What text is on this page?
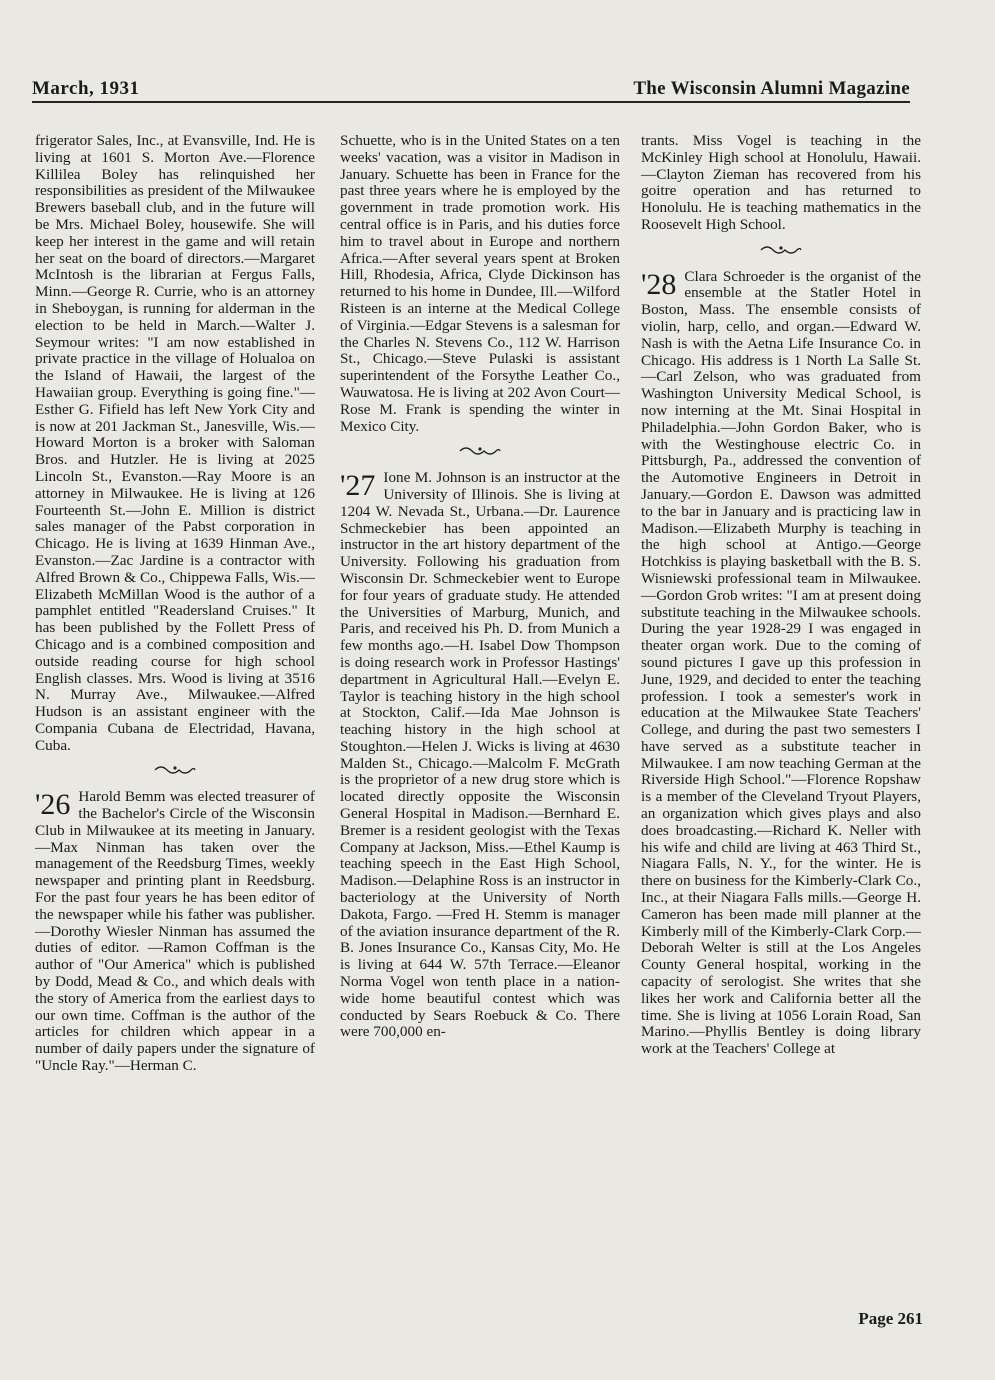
March, 1931	The Wisconsin Alumni Magazine

frigerator Sales, Inc., at Evansville, Ind. He is living at 1601 S. Morton Ave.—Florence Killilea Boley has relinquished her responsibilities as president of the Milwaukee Brewers baseball club, and in the future will be Mrs. Michael Boley, housewife. She will keep her interest in the game and will retain her seat on the board of directors.—Margaret McIntosh is the librarian at Fergus Falls, Minn.—George R. Currie, who is an attorney in Sheboygan, is running for alderman in the election to be held in March.—Walter J. Seymour writes: "I am now established in private practice in the village of Holualoa on the Island of Hawaii, the largest of the Hawaiian group. Everything is going fine."—Esther G. Fifield has left New York City and is now at 201 Jackman St., Janesville, Wis.—Howard Morton is a broker with Saloman Bros. and Hutzler. He is living at 2025 Lincoln St., Evanston.—Ray Moore is an attorney in Milwaukee. He is living at 126 Fourteenth St.—John E. Million is district sales manager of the Pabst corporation in Chicago. He is living at 1639 Hinman Ave., Evanston.—Zac Jardine is a contractor with Alfred Brown & Co., Chippewa Falls, Wis.—Elizabeth McMillan Wood is the author of a pamphlet entitled "Readersland Cruises." It has been published by the Follett Press of Chicago and is a combined composition and outside reading course for high school English classes. Mrs. Wood is living at 3516 N. Murray Ave., Milwaukee.—Alfred Hudson is an assistant engineer with the Compania Cubana de Electridad, Havana, Cuba.

'26 Harold Bemm was elected treasurer of the Bachelor's Circle of the Wisconsin Club in Milwaukee at its meeting in January.—Max Ninman has taken over the management of the Reedsburg Times, weekly newspaper and printing plant in Reedsburg. For the past four years he has been editor of the newspaper while his father was publisher.—Dorothy Wiesler Ninman has assumed the duties of editor. —Ramon Coffman is the author of "Our America" which is published by Dodd, Mead & Co., and which deals with the story of America from the earliest days to our own time. Coffman is the author of the articles for children which appear in a number of daily papers under the signature of "Uncle Ray."—Herman C.

Schuette, who is in the United States on a ten weeks' vacation, was a visitor in Madison in January. Schuette has been in France for the past three years where he is employed by the government in trade promotion work. His central office is in Paris, and his duties force him to travel about in Europe and northern Africa.—After several years spent at Broken Hill, Rhodesia, Africa, Clyde Dickinson has returned to his home in Dundee, Ill.—Wilford Risteen is an interne at the Medical College of Virginia.—Edgar Stevens is a salesman for the Charles N. Stevens Co., 112 W. Harrison St., Chicago.—Steve Pulaski is assistant superintendent of the Forsythe Leather Co., Wauwatosa. He is living at 202 Avon Court—Rose M. Frank is spending the winter in Mexico City.

'27 Ione M. Johnson is an instructor at the University of Illinois. She is living at 1204 W. Nevada St., Urbana.—Dr. Laurence Schmeckebier has been appointed an instructor in the art history department of the University. Following his graduation from Wisconsin Dr. Schmeckebier went to Europe for four years of graduate study. He attended the Universities of Marburg, Munich, and Paris, and received his Ph. D. from Munich a few months ago.—H. Isabel Dow Thompson is doing research work in Professor Hastings' department in Agricultural Hall.—Evelyn E. Taylor is teaching history in the high school at Stockton, Calif.—Ida Mae Johnson is teaching history in the high school at Stoughton.—Helen J. Wicks is living at 4630 Malden St., Chicago.—Malcolm F. McGrath is the proprietor of a new drug store which is located directly opposite the Wisconsin General Hospital in Madison.—Bernhard E. Bremer is a resident geologist with the Texas Company at Jackson, Miss.—Ethel Kaump is teaching speech in the East High School, Madison.—Delaphine Ross is an instructor in bacteriology at the University of North Dakota, Fargo. —Fred H. Stemm is manager of the aviation insurance department of the R. B. Jones Insurance Co., Kansas City, Mo. He is living at 644 W. 57th Terrace.—Eleanor Norma Vogel won tenth place in a nation-wide home beautiful contest which was conducted by Sears Roebuck & Co. There were 700,000 en-

trants. Miss Vogel is teaching in the McKinley High school at Honolulu, Hawaii.—Clayton Zieman has recovered from his goitre operation and has returned to Honolulu. He is teaching mathematics in the Roosevelt High School.

'28 Clara Schroeder is the organist of the ensemble at the Statler Hotel in Boston, Mass. The ensemble consists of violin, harp, cello, and organ.—Edward W. Nash is with the Aetna Life Insurance Co. in Chicago. His address is 1 North La Salle St.—Carl Zelson, who was graduated from Washington University Medical School, is now interning at the Mt. Sinai Hospital in Philadelphia.—John Gordon Baker, who is with the Westinghouse electric Co. in Pittsburgh, Pa., addressed the convention of the Automotive Engineers in Detroit in January.—Gordon E. Dawson was admitted to the bar in January and is practicing law in Madison.—Elizabeth Murphy is teaching in the high school at Antigo.—George Hotchkiss is playing basketball with the B. S. Wisniewski professional team in Milwaukee.—Gordon Grob writes: "I am at present doing substitute teaching in the Milwaukee schools. During the year 1928-29 I was engaged in theater organ work. Due to the coming of sound pictures I gave up this profession in June, 1929, and decided to enter the teaching profession. I took a semester's work in education at the Milwaukee State Teachers' College, and during the past two semesters I have served as a substitute teacher in Milwaukee. I am now teaching German at the Riverside High School."—Florence Ropshaw is a member of the Cleveland Tryout Players, an organization which gives plays and also does broadcasting.—Richard K. Neller with his wife and child are living at 463 Third St., Niagara Falls, N. Y., for the winter. He is there on business for the Kimberly-Clark Co., Inc., at their Niagara Falls mills.—George H. Cameron has been made mill planner at the Kimberly mill of the Kimberly-Clark Corp.—Deborah Welter is still at the Los Angeles County General hospital, working in the capacity of serologist. She writes that she likes her work and California better all the time. She is living at 1056 Lorain Road, San Marino.—Phyllis Bentley is doing library work at the Teachers' College at

Page 261
